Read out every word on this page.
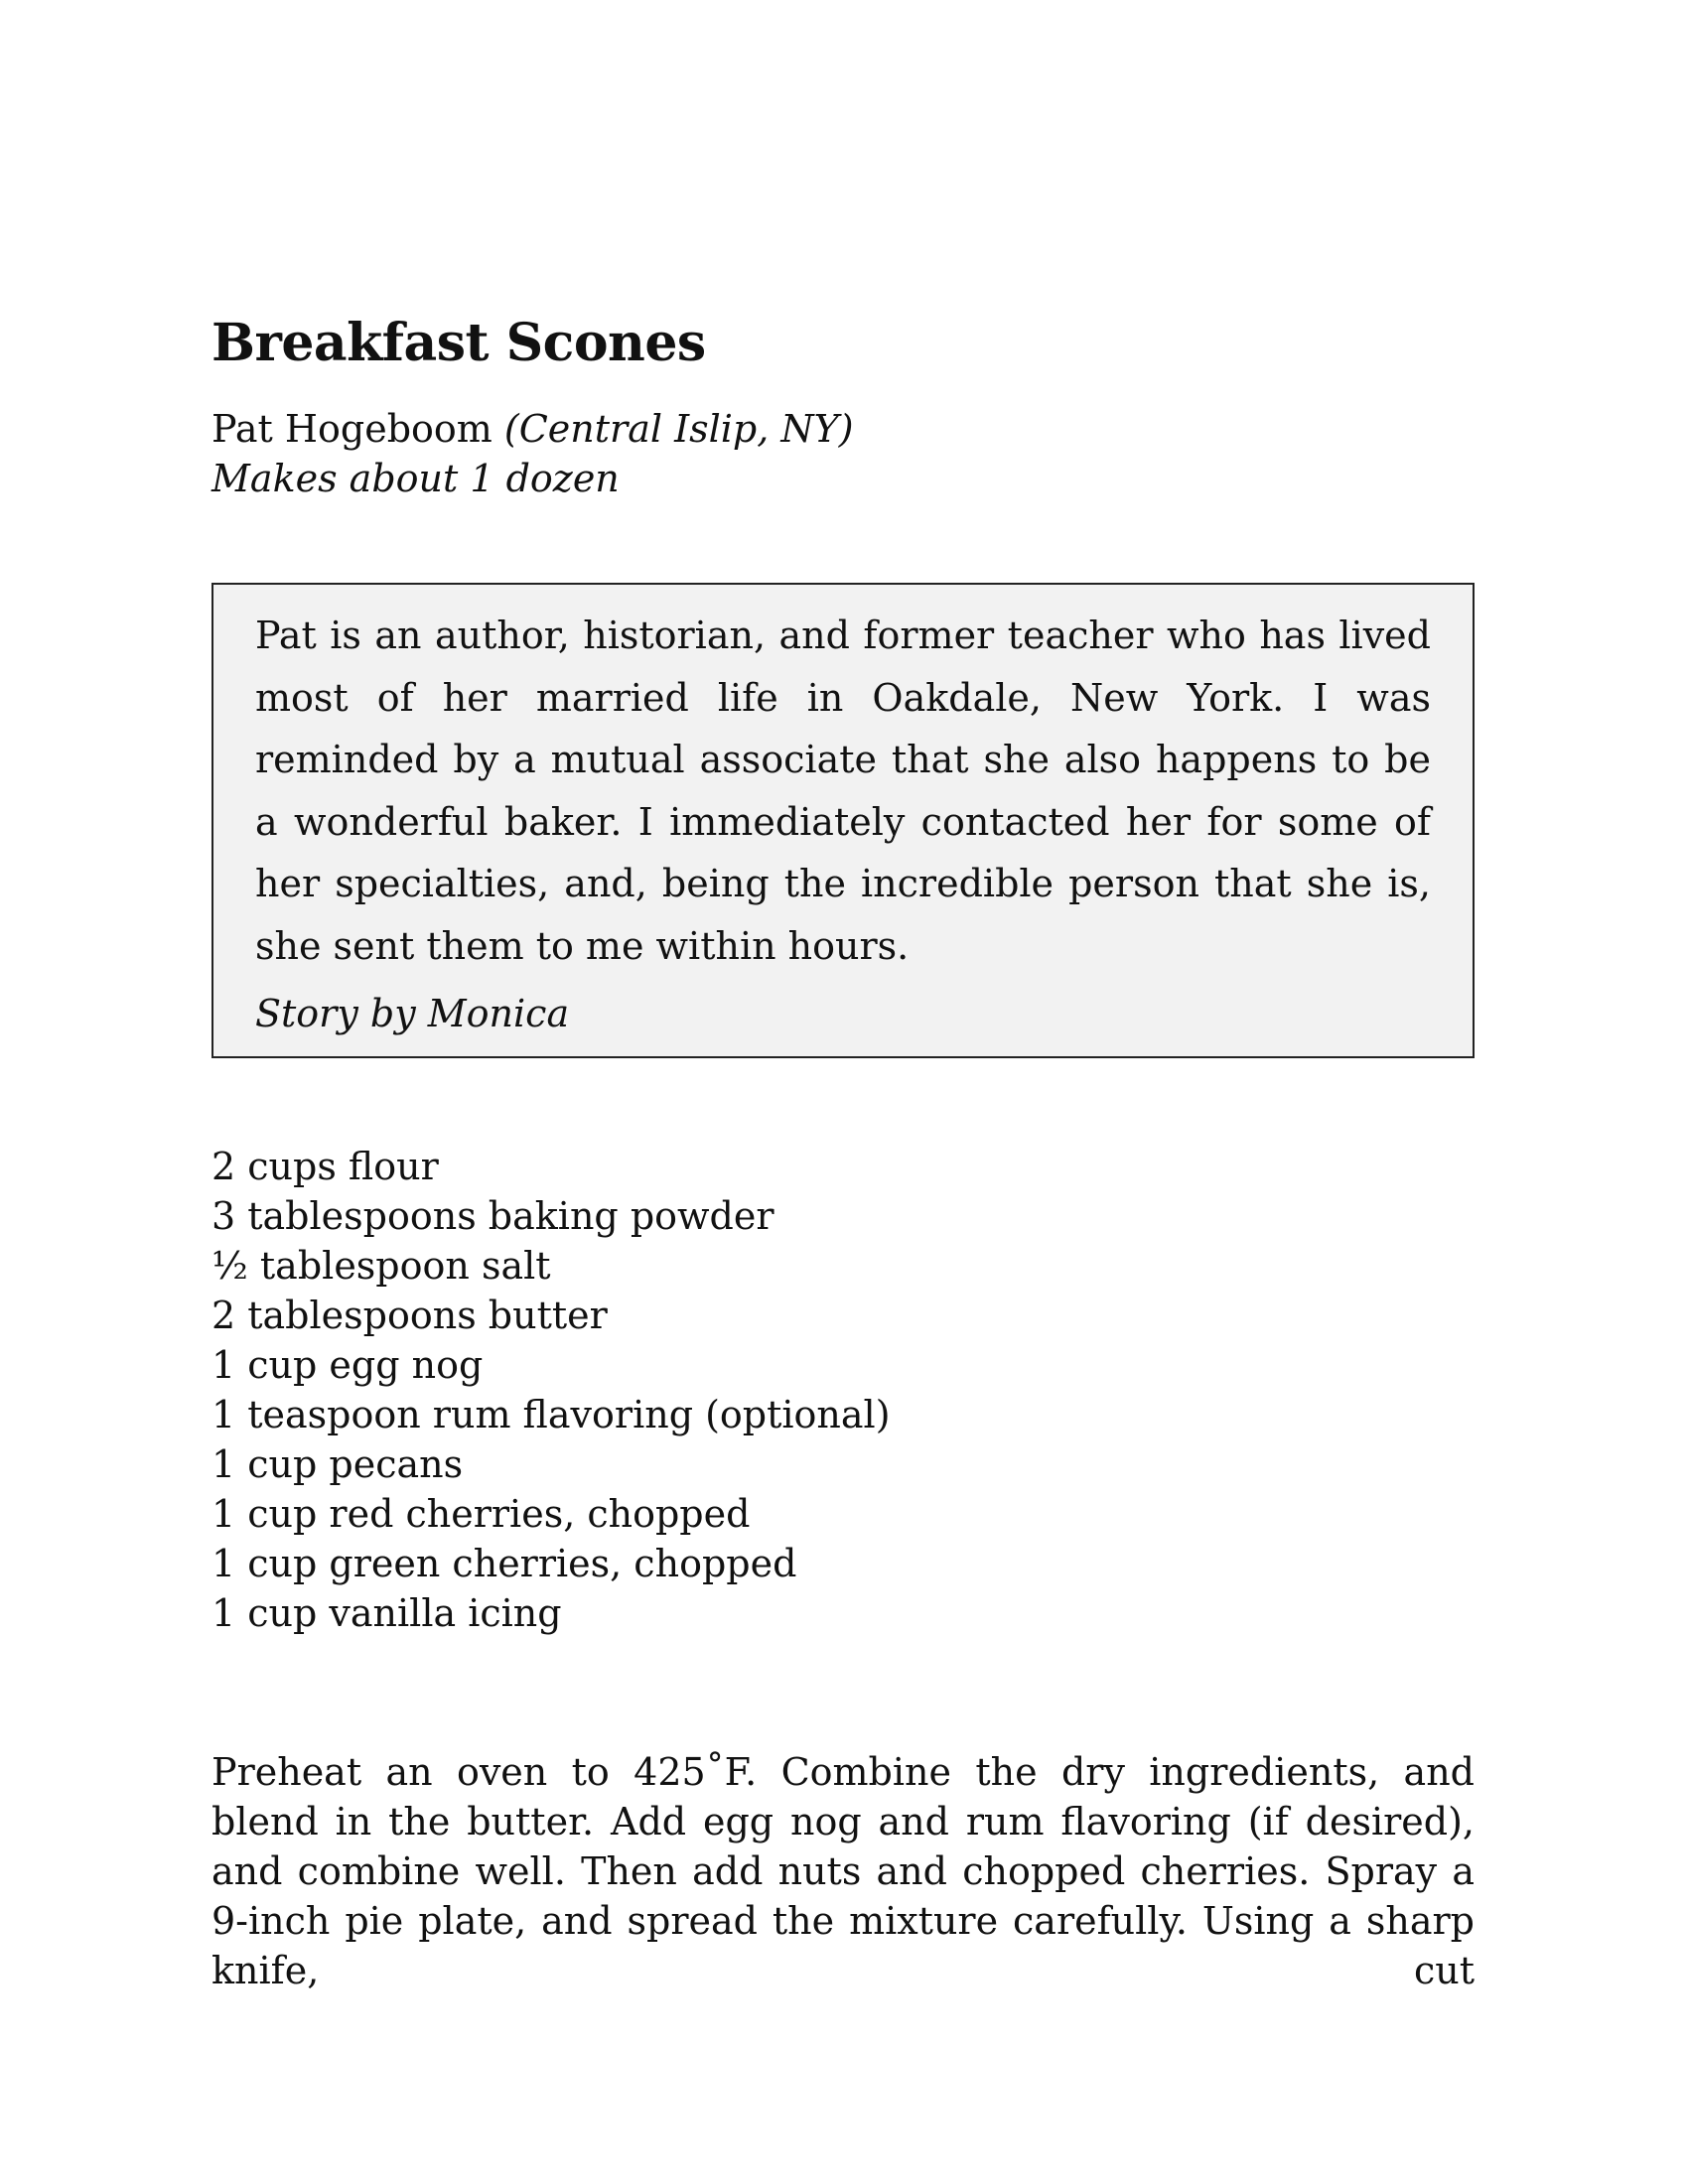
Breakfast Scones
Pat Hogeboom (Central Islip, NY)
Makes about 1 dozen

Pat is an author, historian, and former teacher who has lived most of her married life in Oakdale, New York. I was reminded by a mutual associate that she also happens to be a wonderful baker. I immediately contacted her for some of her specialties, and, being the incredible person that she is, she sent them to me within hours.

Story by Monica
2 cups flour
3 tablespoons baking powder
½ tablespoon salt
2 tablespoons butter
1 cup egg nog
1 teaspoon rum flavoring (optional)
1 cup pecans
1 cup red cherries, chopped
1 cup green cherries, chopped
1 cup vanilla icing

Preheat an oven to 425˚F. Combine the dry ingredients, and blend in the butter. Add egg nog and rum flavoring (if desired), and combine well. Then add nuts and chopped cherries. Spray a 9-inch pie plate, and spread the mixture carefully. Using a sharp knife, cut
